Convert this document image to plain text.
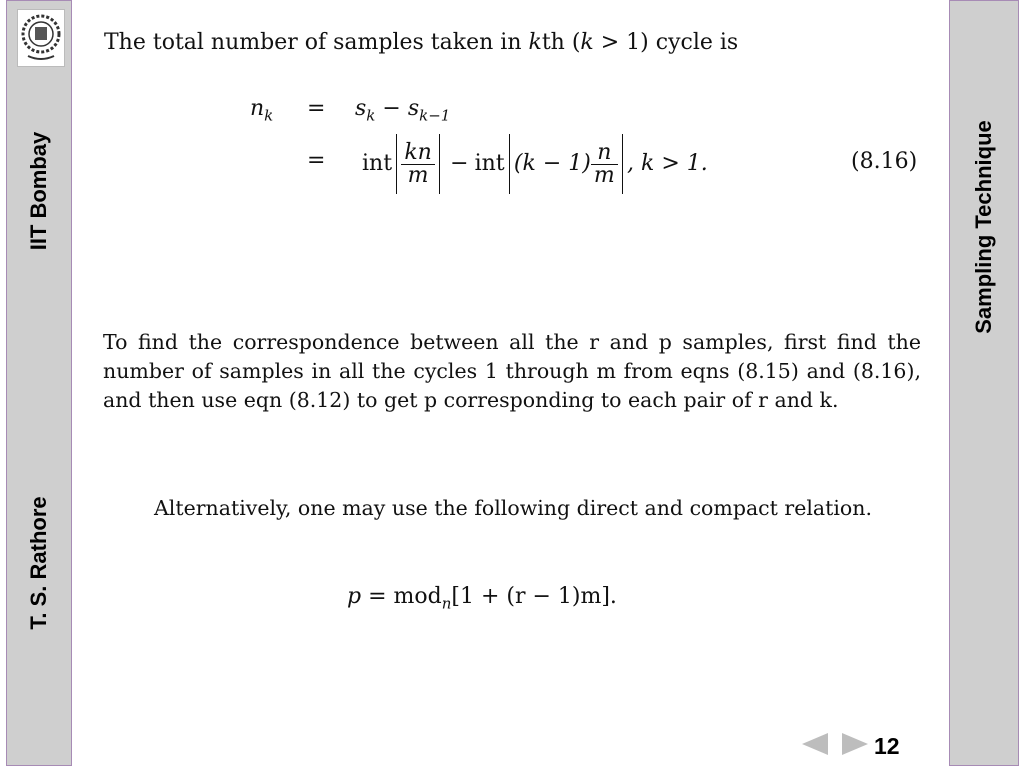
IIT Bombay
T. S. Rathore
Sampling Technique
The total number of samples taken in kth (k > 1) cycle is
$n_k = s_k - s_{k-1}$
= int $\frac{kn}{m}$ − int $(k - 1) \frac{n}{m}$ , k > 1.	(8.16)
To find the correspondence between all the r and p samples, first find the number of samples in all the cycles 1 through m from eqns (8.15) and (8.16), and then use eqn (8.12) to get p corresponding to each pair of r and k.
Alternatively, one may use the following direct and compact relation.
p = mod$_n$[1 + (r − 1)m].
12
